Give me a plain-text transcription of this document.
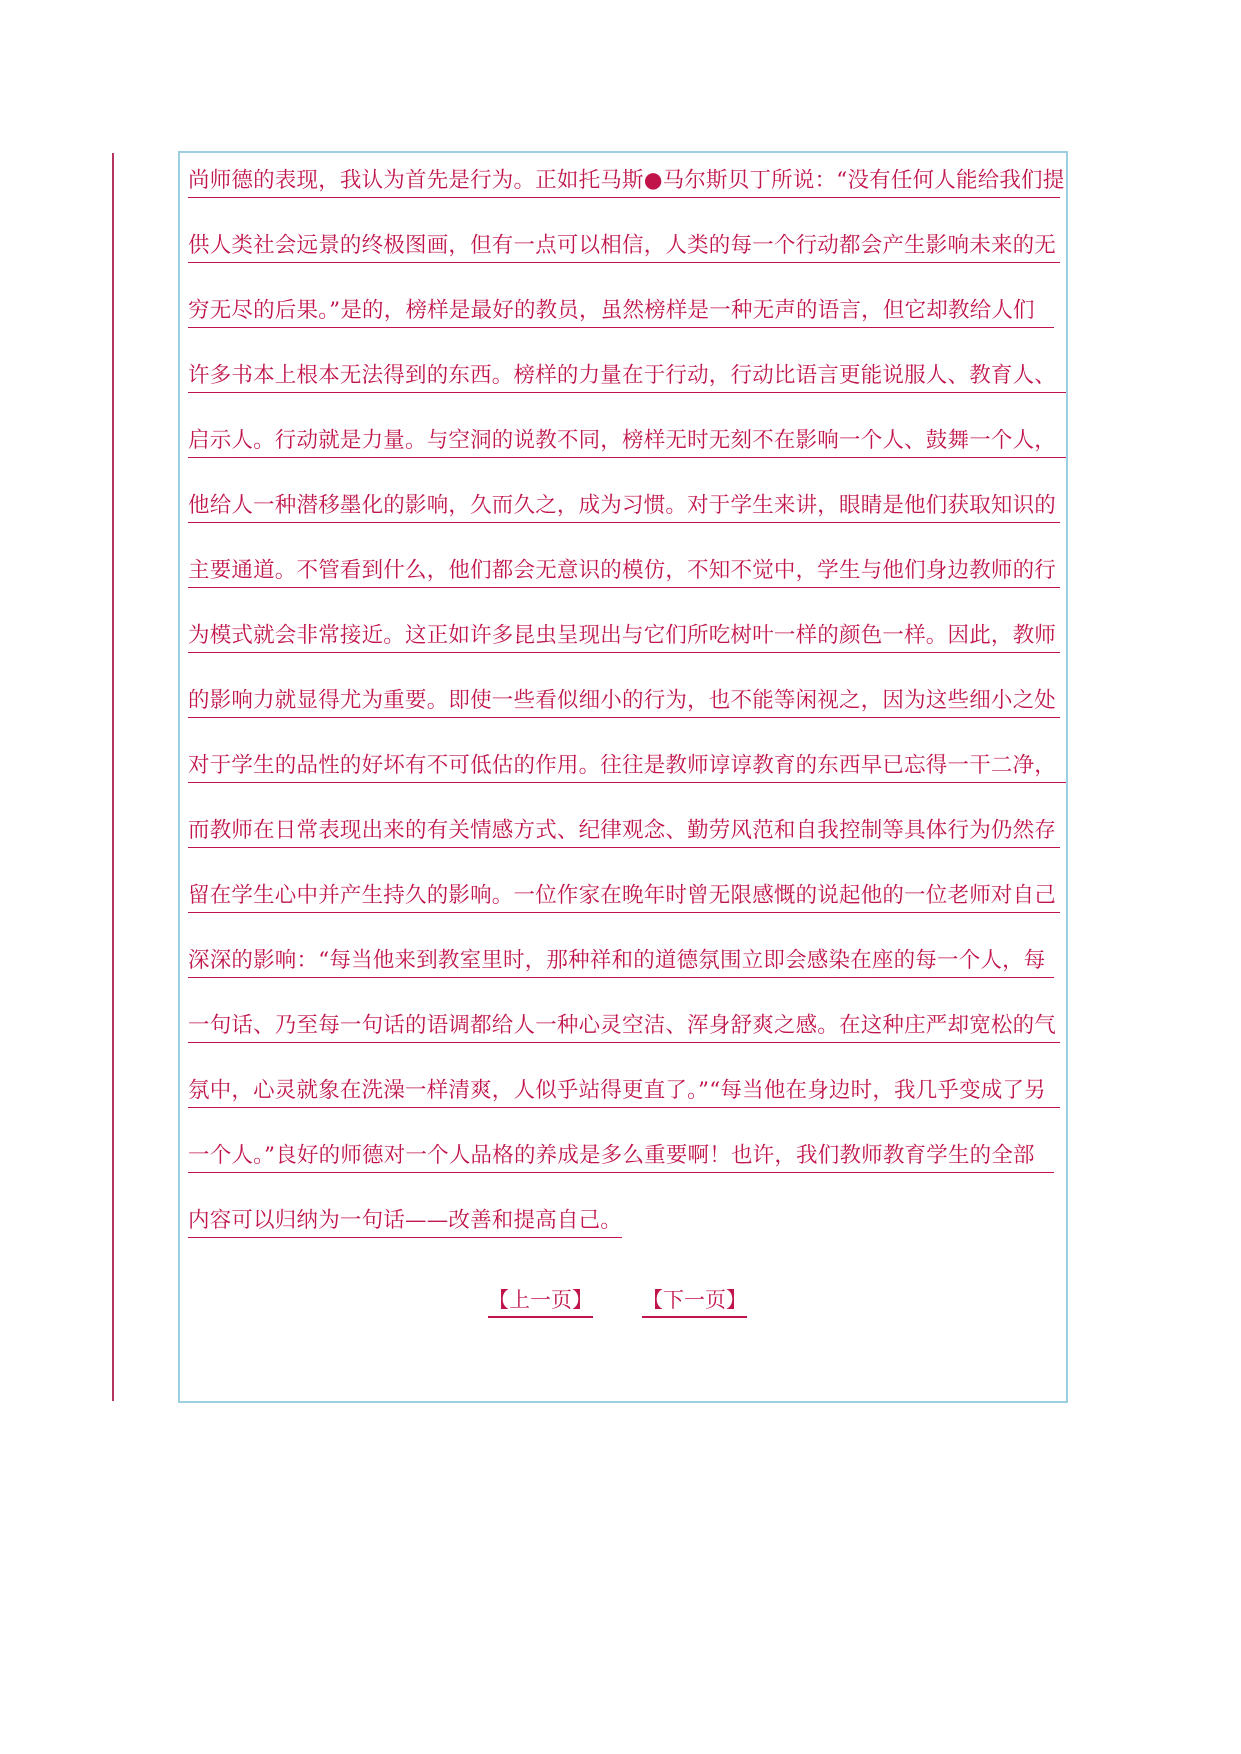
尚师德的表现，我认为首先是行为。正如托马斯●马尔斯贝丁所说：“没有任何人能给我们提
供人类社会远景的终极图画，但有一点可以相信，人类的每一个行动都会产生影响未来的无
穷无尽的后果。”是的，榜样是最好的教员，虽然榜样是一种无声的语言，但它却教给人们
许多书本上根本无法得到的东西。榜样的力量在于行动，行动比语言更能说服人、教育人、
启示人。行动就是力量。与空洞的说教不同，榜样无时无刻不在影响一个人、鼓舞一个人，
他给人一种潜移墨化的影响，久而久之，成为习惯。对于学生来讲，眼睛是他们获取知识的
主要通道。不管看到什么，他们都会无意识的模仿，不知不觉中，学生与他们身边教师的行
为模式就会非常接近。这正如许多昆虫呈现出与它们所吃树叶一样的颜色一样。因此，教师
的影响力就显得尤为重要。即使一些看似细小的行为，也不能等闲视之，因为这些细小之处
对于学生的品性的好坏有不可低估的作用。往往是教师谆谆教育的东西早已忘得一干二净，
而教师在日常表现出来的有关情感方式、纪律观念、勤劳风范和自我控制等具体行为仍然存
留在学生心中并产生持久的影响。一位作家在晚年时曾无限感慨的说起他的一位老师对自己
深深的影响：“每当他来到教室里时，那种祥和的道德氛围立即会感染在座的每一个人，每
一句话、乃至每一句话的语调都给人一种心灵空洁、浑身舒爽之感。在这种庄严却宽松的气
氛中，心灵就象在洗澡一样清爽，人似乎站得更直了。”“每当他在身边时，我几乎变成了另
一个人。”良好的师德对一个人品格的养成是多么重要啊！也许，我们教师教育学生的全部
内容可以归纳为一句话——改善和提高自己。
【上一页】 【下一页】
